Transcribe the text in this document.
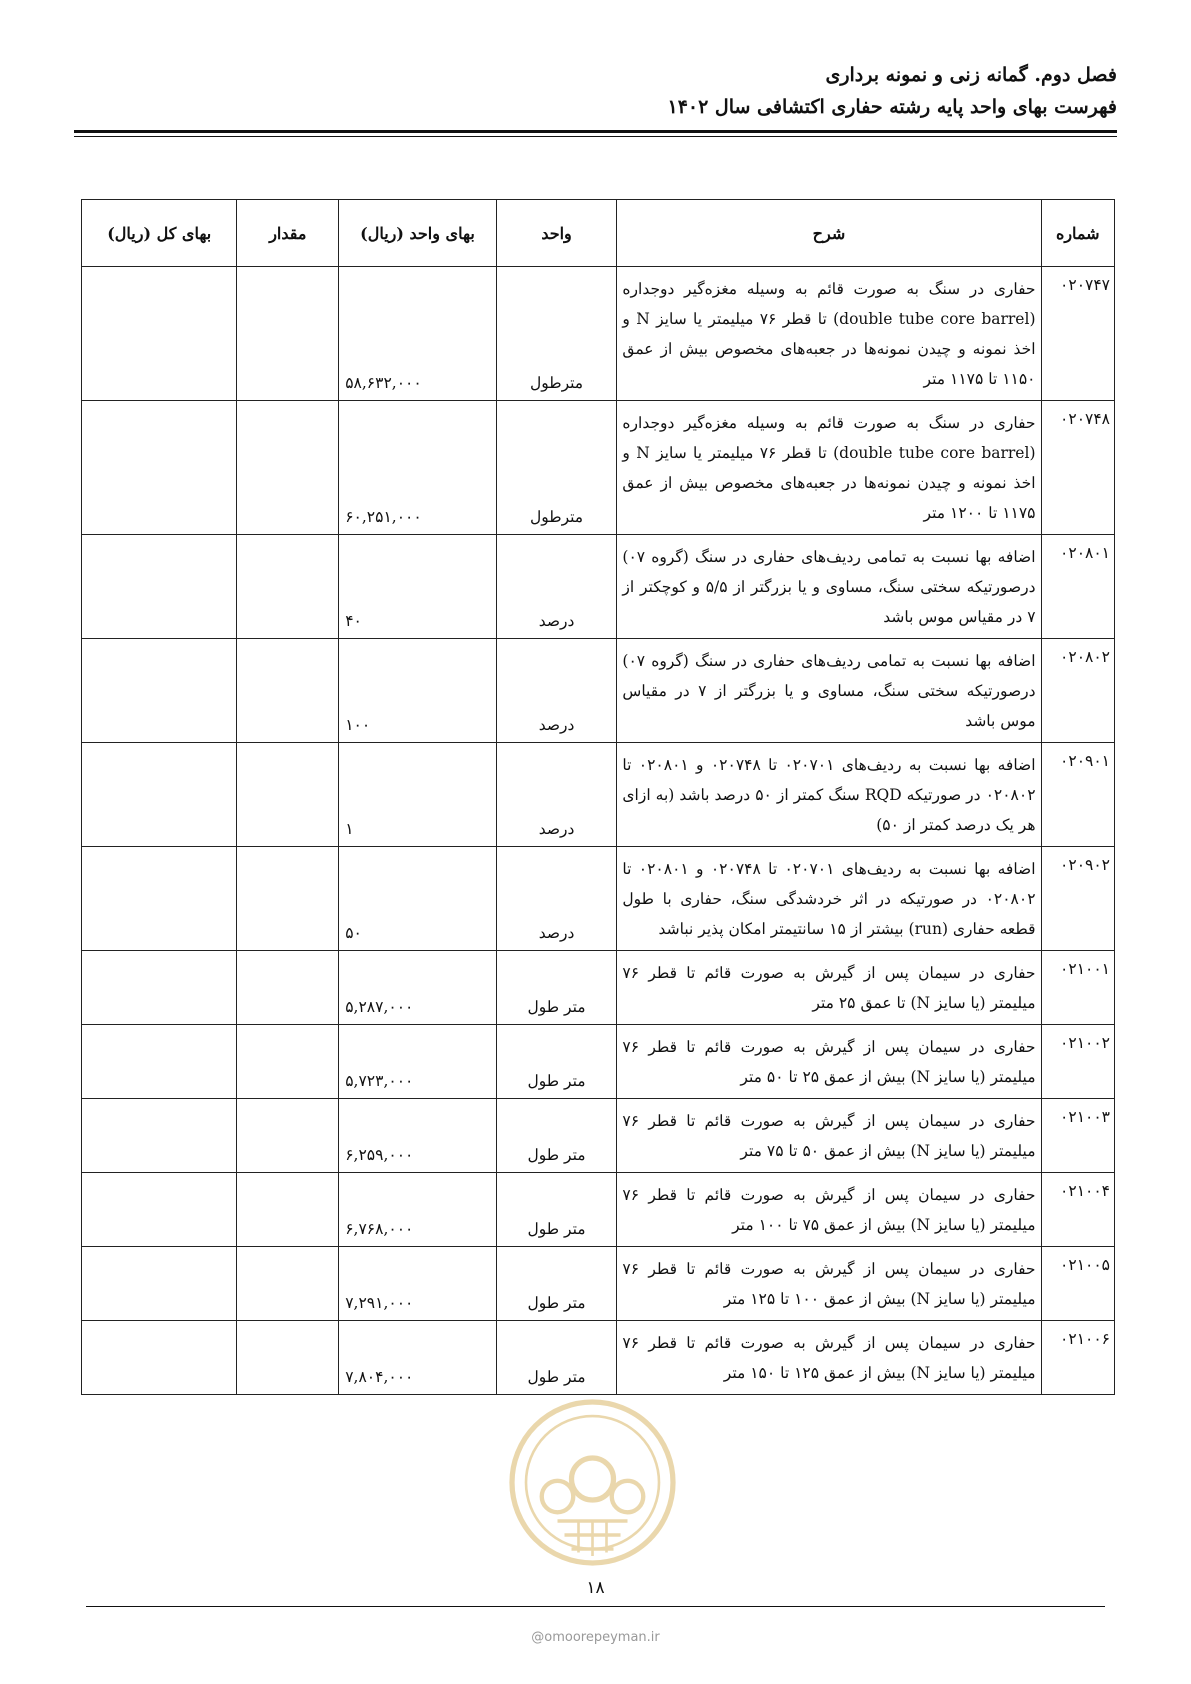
فصل دوم. گمانه زنی و نمونه برداری
فهرست بهای واحد پایه رشته حفاری اکتشافی سال ۱۴۰۲
شماره	شرح	واحد	بهای واحد (ریال)	مقدار	بهای کل (ریال)
۰۲۰۷۴۷	حفاری در سنگ به صورت قائم به وسیله مغزه‌گیر دوجداره (double tube core barrel) تا قطر ۷۶ میلیمتر یا سایز N و اخذ نمونه و چیدن نمونه‌ها در جعبه‌های مخصوص بیش از عمق ۱۱۵۰ تا ۱۱۷۵ متر	مترطول	۵۸,۶۳۲,۰۰۰		
۰۲۰۷۴۸	حفاری در سنگ به صورت قائم به وسیله مغزه‌گیر دوجداره (double tube core barrel) تا قطر ۷۶ میلیمتر یا سایز N و اخذ نمونه و چیدن نمونه‌ها در جعبه‌های مخصوص بیش از عمق ۱۱۷۵ تا ۱۲۰۰ متر	مترطول	۶۰,۲۵۱,۰۰۰		
۰۲۰۸۰۱	اضافه بها نسبت به تمامی ردیف‌های حفاری در سنگ (گروه ۰۷) درصورتیکه سختی سنگ، مساوی و یا بزرگتر از ۵/۵ و کوچکتر از ۷ در مقیاس موس باشد	درصد	۴۰		
۰۲۰۸۰۲	اضافه بها نسبت به تمامی ردیف‌های حفاری در سنگ (گروه ۰۷) درصورتیکه سختی سنگ، مساوی و یا بزرگتر از ۷ در مقیاس موس باشد	درصد	۱۰۰		
۰۲۰۹۰۱	اضافه بها نسبت به ردیف‌های ۰۲۰۷۰۱ تا ۰۲۰۷۴۸ و ۰۲۰۸۰۱ تا ۰۲۰۸۰۲ در صورتیکه RQD سنگ کمتر از ۵۰ درصد باشد (به ازای هر یک درصد کمتر از ۵۰)	درصد	۱		
۰۲۰۹۰۲	اضافه بها نسبت به ردیف‌های ۰۲۰۷۰۱ تا ۰۲۰۷۴۸ و ۰۲۰۸۰۱ تا ۰۲۰۸۰۲ در صورتیکه در اثر خردشدگی سنگ، حفاری با طول قطعه حفاری (run) بیشتر از ۱۵ سانتیمتر امکان پذیر نباشد	درصد	۵۰		
۰۲۱۰۰۱	حفاری در سیمان پس از گیرش به صورت قائم تا قطر ۷۶ میلیمتر (یا سایز N) تا عمق ۲۵ متر	متر طول	۵,۲۸۷,۰۰۰		
۰۲۱۰۰۲	حفاری در سیمان پس از گیرش به صورت قائم تا قطر ۷۶ میلیمتر (یا سایز N) بیش از عمق ۲۵ تا ۵۰ متر	متر طول	۵,۷۲۳,۰۰۰		
۰۲۱۰۰۳	حفاری در سیمان پس از گیرش به صورت قائم تا قطر ۷۶ میلیمتر (یا سایز N) بیش از عمق ۵۰ تا ۷۵ متر	متر طول	۶,۲۵۹,۰۰۰		
۰۲۱۰۰۴	حفاری در سیمان پس از گیرش به صورت قائم تا قطر ۷۶ میلیمتر (یا سایز N) بیش از عمق ۷۵ تا ۱۰۰ متر	متر طول	۶,۷۶۸,۰۰۰		
۰۲۱۰۰۵	حفاری در سیمان پس از گیرش به صورت قائم تا قطر ۷۶ میلیمتر (یا سایز N) بیش از عمق ۱۰۰ تا ۱۲۵ متر	متر طول	۷,۲۹۱,۰۰۰		
۰۲۱۰۰۶	حفاری در سیمان پس از گیرش به صورت قائم تا قطر ۷۶ میلیمتر (یا سایز N) بیش از عمق ۱۲۵ تا ۱۵۰ متر	متر طول	۷,۸۰۴,۰۰۰		
۱۸
@omoorepeyman.ir
